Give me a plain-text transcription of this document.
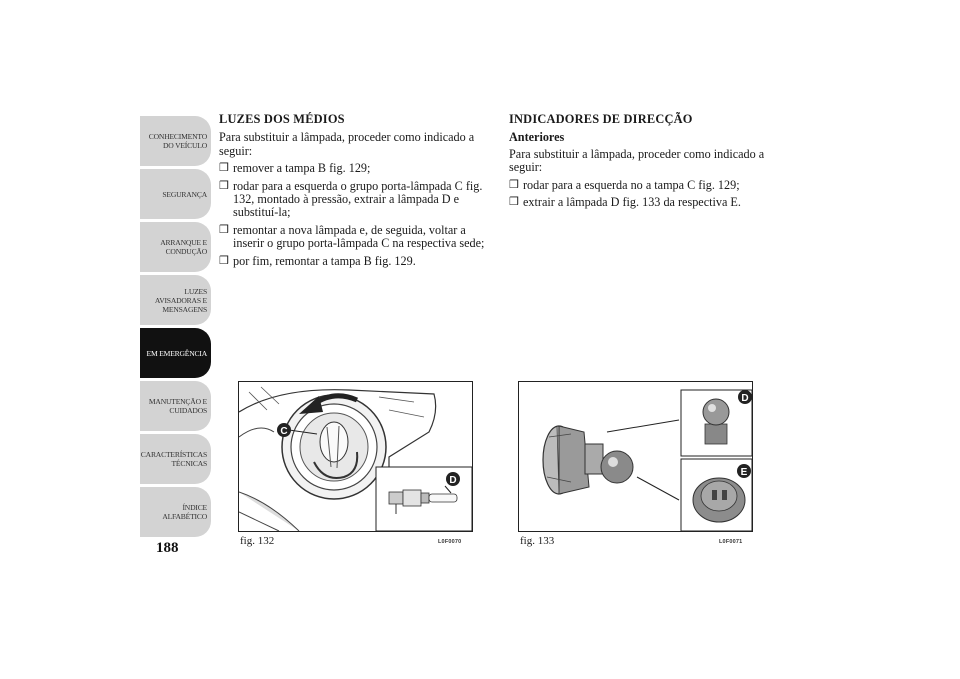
CONHECIMENTO
DO VEÍCULO
SEGURANÇA
ARRANQUE E
CONDUÇÃO
LUZES
AVISADORAS E
MENSAGENS
EM EMERGÊNCIA
MANUTENÇÃO E
CUIDADOS
CARACTERÍSTICAS
TÉCNICAS
ÍNDICE
ALFABÉTICO
188
LUZES DOS MÉDIOS

Para substituir a lâmpada, proceder como indicado a seguir:

❒ remover a tampa B fig. 129;
❒ rodar para a esquerda o grupo porta-lâmpada C fig. 132, montado à pressão, extrair a lâmpada D e substituí-la;
❒ remontar a nova lâmpada e, de seguida, voltar a inserir o grupo porta-lâmpada C na respectiva sede;
❒ por fim, remontar a tampa B fig. 129.
INDICADORES DE DIRECÇÃO
Anteriores

Para substituir a lâmpada, proceder como indicado a seguir:

❒ rodar para a esquerda no a tampa C fig. 129;
❒ extrair a lâmpada D fig. 133 da respectiva E.
C
D
fig. 132	L0F0070
D
E
fig. 133	L0F0071
